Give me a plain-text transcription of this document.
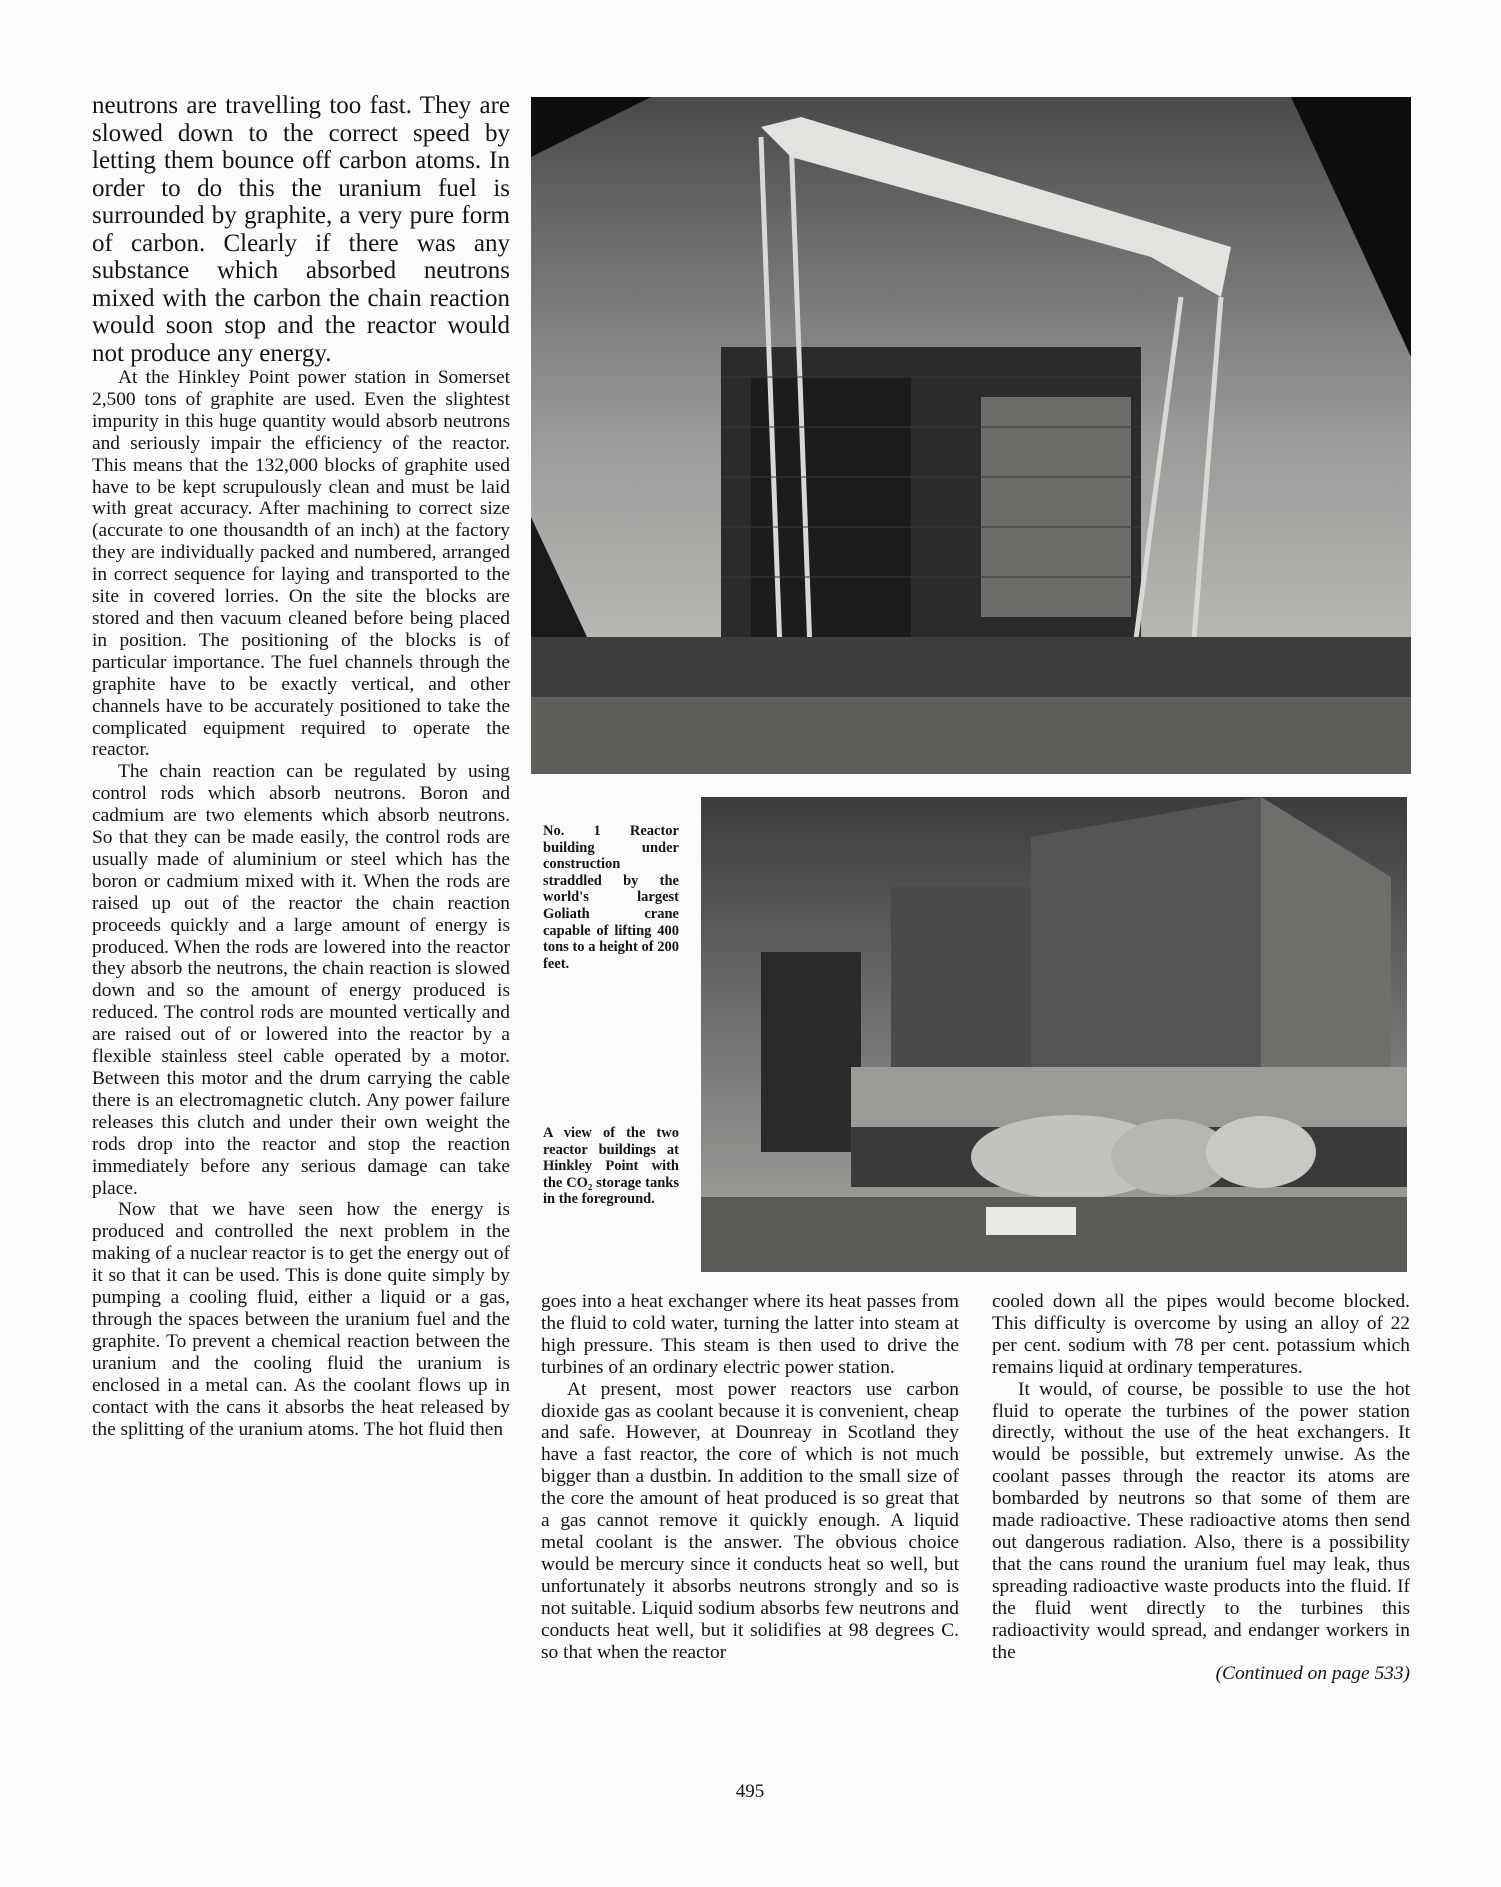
neutrons are travelling too fast. They are slowed down to the correct speed by letting them bounce off carbon atoms. In order to do this the uranium fuel is surrounded by graphite, a very pure form of carbon. Clearly if there was any substance which absorbed neutrons mixed with the carbon the chain reaction would soon stop and the reactor would not produce any energy.

At the Hinkley Point power station in Somerset 2,500 tons of graphite are used. Even the slightest impurity in this huge quantity would absorb neutrons and seriously impair the efficiency of the reactor. This means that the 132,000 blocks of graphite used have to be kept scrupulously clean and must be laid with great accuracy. After machining to correct size (accurate to one thousandth of an inch) at the factory they are individually packed and numbered, arranged in correct sequence for laying and transported to the site in covered lorries. On the site the blocks are stored and then vacuum cleaned before being placed in position. The positioning of the blocks is of particular importance. The fuel channels through the graphite have to be exactly vertical, and other channels have to be accurately positioned to take the complicated equipment required to operate the reactor.

The chain reaction can be regulated by using control rods which absorb neutrons. Boron and cadmium are two elements which absorb neutrons. So that they can be made easily, the control rods are usually made of aluminium or steel which has the boron or cadmium mixed with it. When the rods are raised up out of the reactor the chain reaction proceeds quickly and a large amount of energy is produced. When the rods are lowered into the reactor they absorb the neutrons, the chain reaction is slowed down and so the amount of energy produced is reduced. The control rods are mounted vertically and are raised out of or lowered into the reactor by a flexible stainless steel cable operated by a motor. Between this motor and the drum carrying the cable there is an electromagnetic clutch. Any power failure releases this clutch and under their own weight the rods drop into the reactor and stop the reaction immediately before any serious damage can take place.

Now that we have seen how the energy is produced and controlled the next problem in the making of a nuclear reactor is to get the energy out of it so that it can be used. This is done quite simply by pumping a cooling fluid, either a liquid or a gas, through the spaces between the uranium fuel and the graphite. To prevent a chemical reaction between the uranium and the cooling fluid the uranium is enclosed in a metal can. As the coolant flows up in contact with the cans it absorbs the heat released by the splitting of the uranium atoms. The hot fluid then

No. 1 Reactor building under construction straddled by the world's largest Goliath crane capable of lifting 400 tons to a height of 200 feet.
A view of the two reactor buildings at Hinkley Point with the CO₂ storage tanks in the foreground.

goes into a heat exchanger where its heat passes from the fluid to cold water, turning the latter into steam at high pressure. This steam is then used to drive the turbines of an ordinary electric power station.

At present, most power reactors use carbon dioxide gas as coolant because it is convenient, cheap and safe. However, at Dounreay in Scotland they have a fast reactor, the core of which is not much bigger than a dustbin. In addition to the small size of the core the amount of heat produced is so great that a gas cannot remove it quickly enough. A liquid metal coolant is the answer. The obvious choice would be mercury since it conducts heat so well, but unfortunately it absorbs neutrons strongly and so is not suitable. Liquid sodium absorbs few neutrons and conducts heat well, but it solidifies at 98 degrees C. so that when the reactor

cooled down all the pipes would become blocked. This difficulty is overcome by using an alloy of 22 per cent. sodium with 78 per cent. potassium which remains liquid at ordinary temperatures.

It would, of course, be possible to use the hot fluid to operate the turbines of the power station directly, without the use of the heat exchangers. It would be possible, but extremely unwise. As the coolant passes through the reactor its atoms are bombarded by neutrons so that some of them are made radioactive. These radioactive atoms then send out dangerous radiation. Also, there is a possibility that the cans round the uranium fuel may leak, thus spreading radioactive waste products into the fluid. If the fluid went directly to the turbines this radioactivity would spread, and endanger workers in the

(Continued on page 533)

495
